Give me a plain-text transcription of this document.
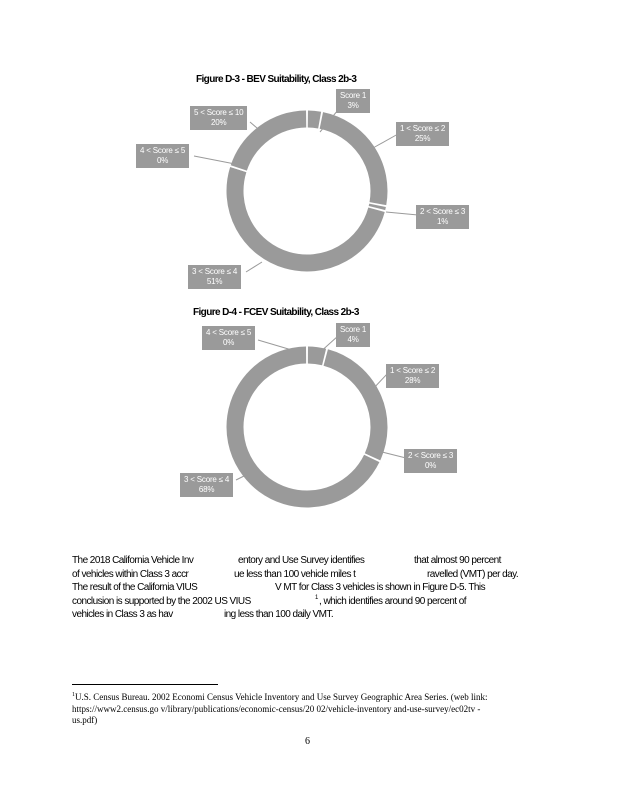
Figure D-3 - BEV Suitability, Class 2b-3
Score 1
3%
1 < Score ≤ 2
25%
2 < Score ≤ 3
1%
3 < Score ≤ 4
51%
4 < Score ≤ 5
0%
5 < Score ≤ 10
20%
Figure D-4 - FCEV Suitability, Class 2b-3
Score 1
4%
1 < Score ≤ 2
28%
2 < Score ≤ 3
0%
3 < Score ≤ 4
68%
4 < Score ≤ 5
0%
The 2018 California Vehicle Inv	entory and Use Survey identifies	that almost 90 percent
of vehicles within Class 3 accr	ue less than 100 vehicle miles t	ravelled (VMT) per day.
The result of the California VIUS	V MT for Class 3 vehicles is shown in Figure D-5. This
conclusion is supported by the 2002 US VIUS	1 , which identifies around 90 percent of
vehicles in Class 3 as hav	ing less than 100 daily VMT.
$^1$U.S. Census Bureau. 2002 Economi Census Vehicle Inventory and Use Survey Geographic Area Series. (web link:
https://www2.census.go v/library/publications/economic-census/20 02/vehicle-inventory and-use-survey/ec02tv -
us.pdf)
6
